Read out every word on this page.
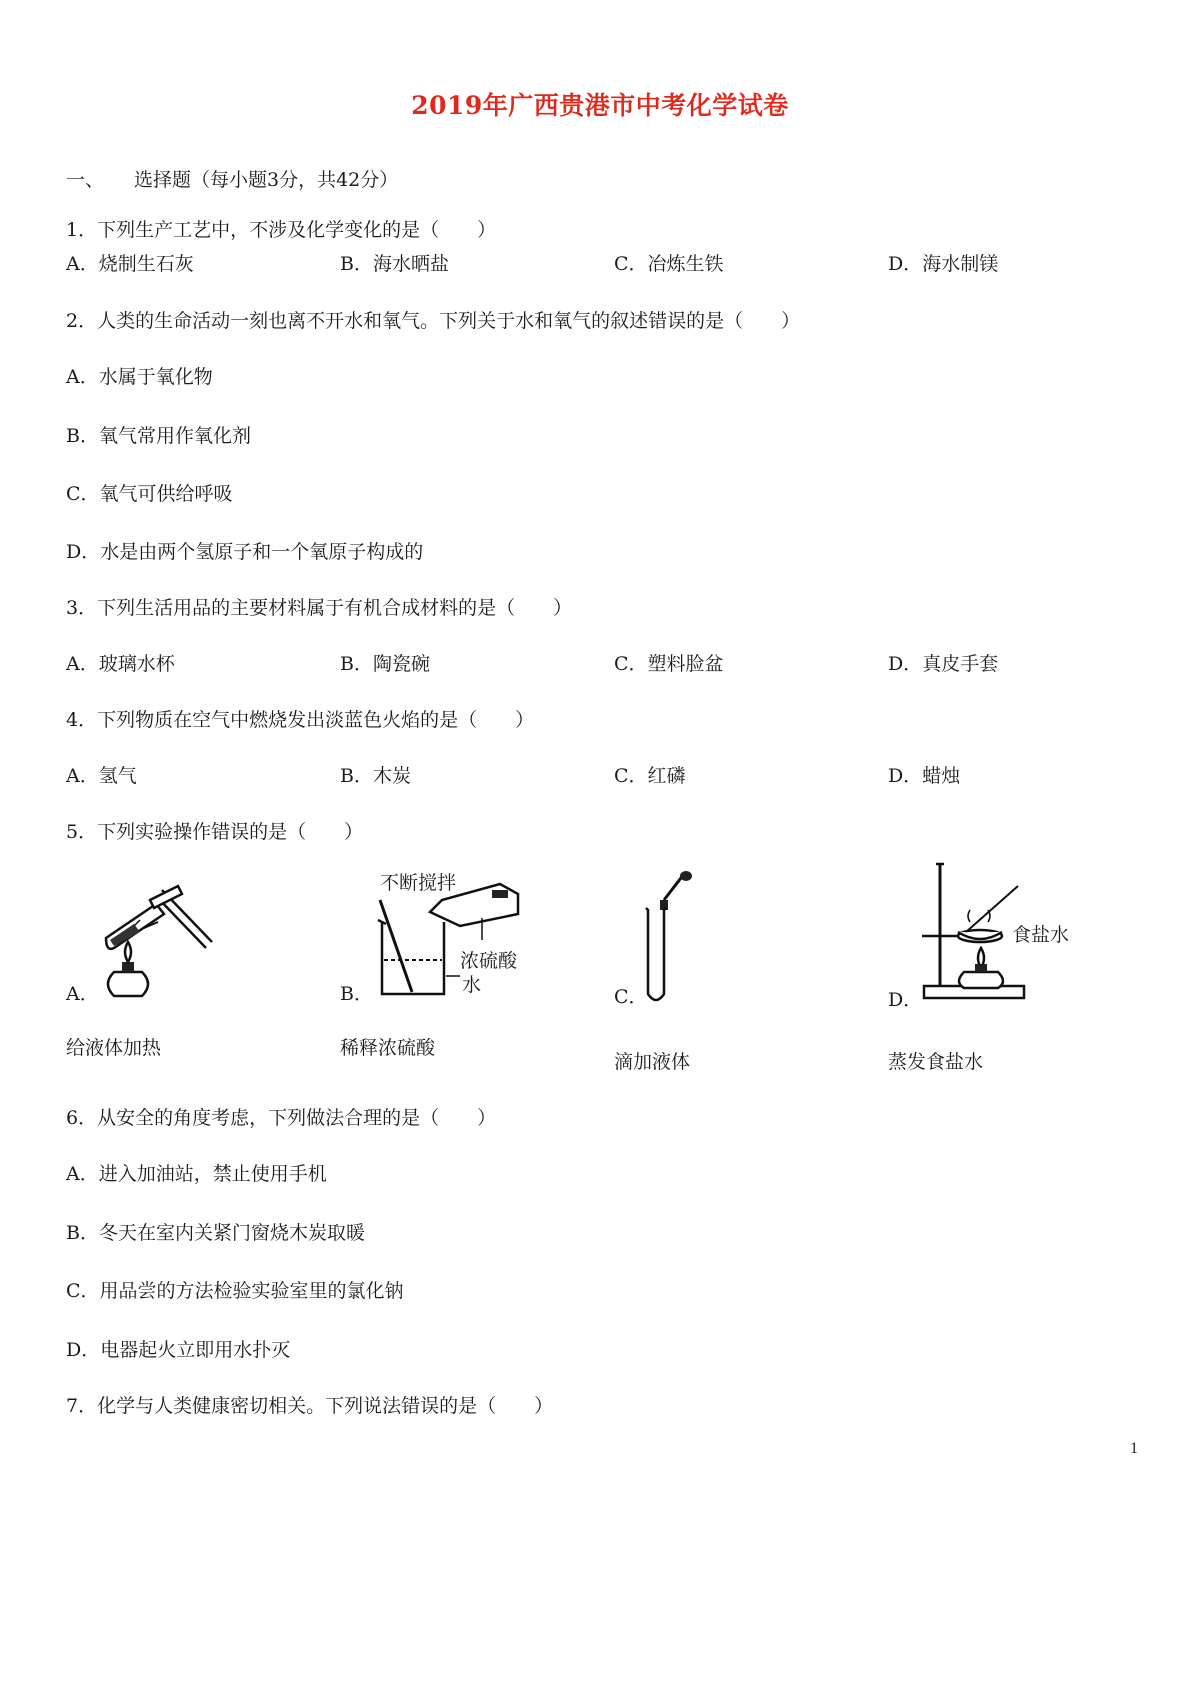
2019年广西贵港市中考化学试卷
一、 选择题（每小题3分，共42分）
1．下列生产工艺中，不涉及化学变化的是（　　）
A．烧制生石灰	B．海水晒盐	C．冶炼生铁	D．海水制镁
2．人类的生命活动一刻也离不开水和氧气。下列关于水和氧气的叙述错误的是（　　）
A．水属于氧化物
B．氧气常用作氧化剂
C．氧气可供给呼吸
D．水是由两个氢原子和一个氧原子构成的
3．下列生活用品的主要材料属于有机合成材料的是（　　）
A．玻璃水杯	B．陶瓷碗	C．塑料脸盆	D．真皮手套
4．下列物质在空气中燃烧发出淡蓝色火焰的是（　　）
A．氢气	B．木炭	C．红磷	D．蜡烛
5．下列实验操作错误的是（　　）
A．	B．	C．	D．
不断搅拌
浓硫酸
水
食盐水
给液体加热	稀释浓硫酸
滴加液体	蒸发食盐水
6．从安全的角度考虑，下列做法合理的是（　　）
A．进入加油站，禁止使用手机
B．冬天在室内关紧门窗烧木炭取暖
C．用品尝的方法检验实验室里的氯化钠
D．电器起火立即用水扑灭
7．化学与人类健康密切相关。下列说法错误的是（　　）
1
